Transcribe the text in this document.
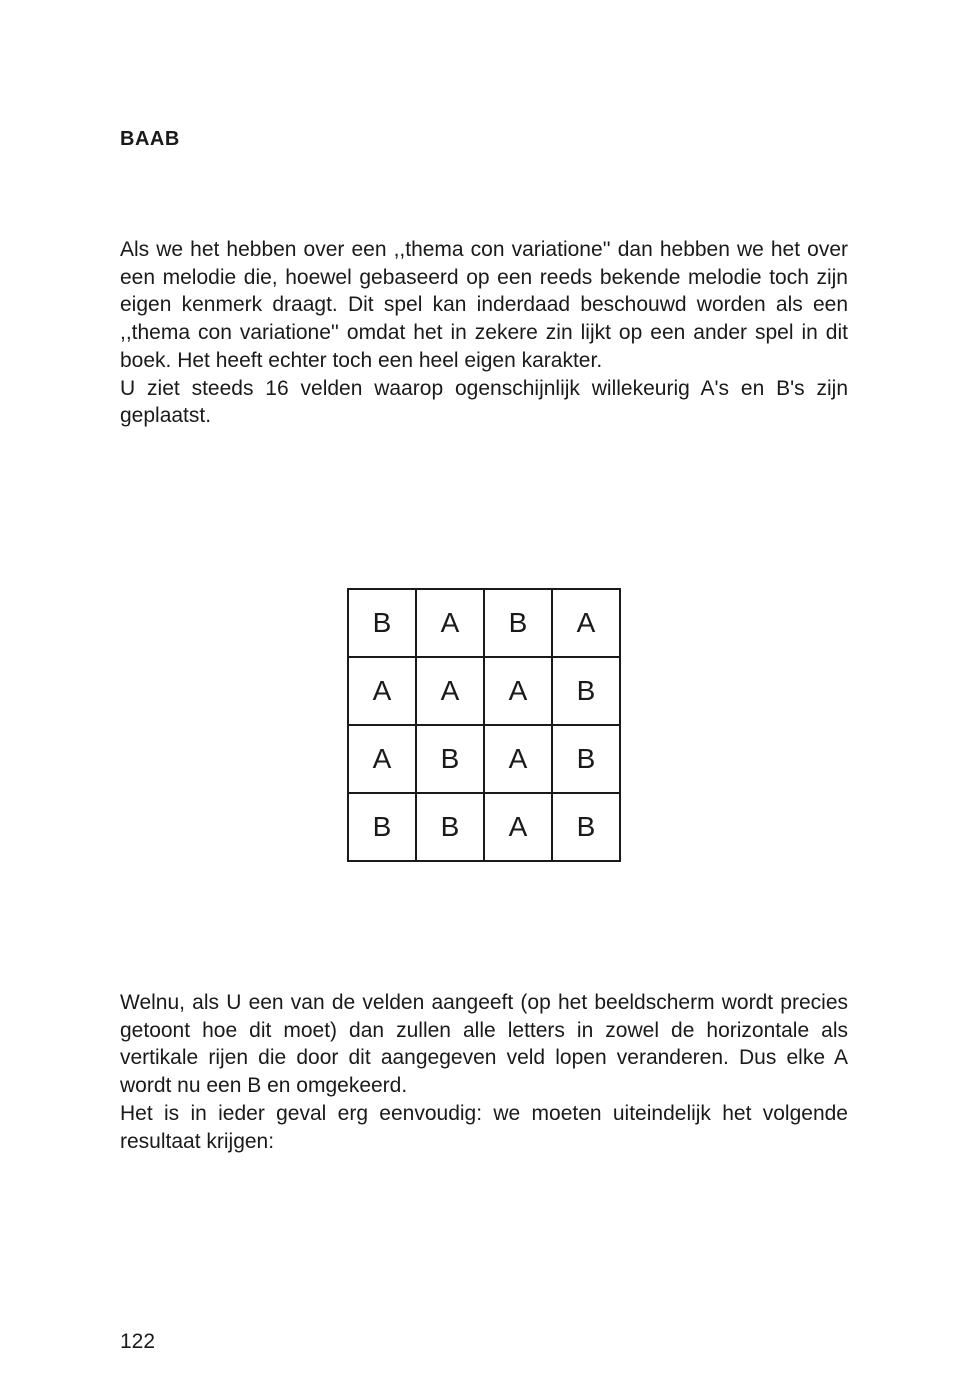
BAAB

Als we het hebben over een ,,thema con variatione'' dan hebben we het over een melodie die, hoewel gebaseerd op een reeds bekende melodie toch zijn eigen kenmerk draagt. Dit spel kan inderdaad beschouwd worden als een ,,thema con variatione'' omdat het in zekere zin lijkt op een ander spel in dit boek. Het heeft echter toch een heel eigen karakter.

U ziet steeds 16 velden waarop ogenschijnlijk willekeurig A's en B's zijn geplaatst.

B	A	B	A
A	A	A	B
A	B	A	B
B	B	A	B

Welnu, als U een van de velden aangeeft (op het beeldscherm wordt precies getoont hoe dit moet) dan zullen alle letters in zowel de horizontale als vertikale rijen die door dit aangegeven veld lopen veranderen. Dus elke A wordt nu een B en omgekeerd.

Het is in ieder geval erg eenvoudig: we moeten uiteindelijk het volgende resultaat krijgen:

122
